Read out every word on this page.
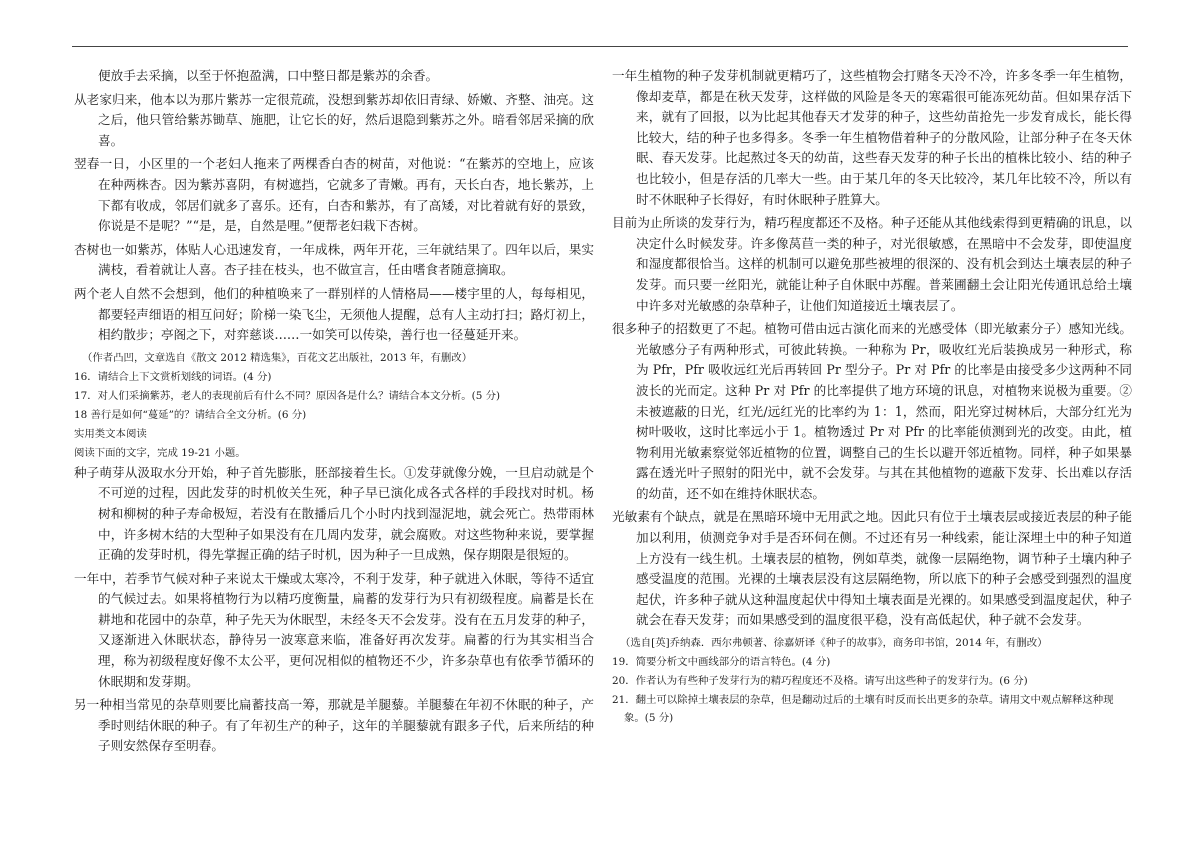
便放手去采摘，以至于怀抱盈满，口中整日都是紫苏的余香。

从老家归来，他本以为那片紫苏一定很荒疏，没想到紫苏却依旧青绿、娇嫩、齐整、油亮。这之后，他只管给紫苏锄草、施肥，让它长的好，然后退隐到紫苏之外。暗看邻居采摘的欣喜。

翌春一日，小区里的一个老妇人拖来了两棵香白杏的树苗，对他说：“在紫苏的空地上，应该在种两株杏。因为紫苏喜阴，有树遮挡，它就多了青嫩。再有，天长白杏，地长紫苏，上下都有收成，邻居们就多了喜乐。还有，白杏和紫苏，有了高矮，对比着就有好的景致，你说是不是呢？”“是，是，自然是哩。”便帮老妇栽下杏树。

杏树也一如紫苏，体贴人心迅速发育，一年成株，两年开花，三年就结果了。四年以后，果实满枝，看着就让人喜。杏子挂在枝头，也不做宣言，任由嗜食者随意摘取。

两个老人自然不会想到，他们的种植唤来了一群别样的人情格局——楼宇里的人，每每相见，都要轻声细语的相互问好；阶梯一染飞尘，无须他人提醒，总有人主动打扫；路灯初上，相约散步；亭阁之下，对弈慈谈……一如笑可以传染，善行也一径蔓延开来。

（作者凸凹，文章选自《散文 2012 精选集》，百花文艺出版社，2013 年，有删改）

16．请结合上下文赏析划线的词语。(4 分)

17．对人们采摘紫苏，老人的表现前后有什么不同？原因各是什么？请结合本文分析。(5 分)

18 善行是如何“蔓延”的？请结合全文分析。(6 分)

实用类文本阅读

阅读下面的文字，完成 19-21 小题。

种子萌芽从汲取水分开始，种子首先膨胀，胚部接着生长。①发芽就像分娩，一旦启动就是个不可逆的过程，因此发芽的时机攸关生死，种子早已演化成各式各样的手段找对时机。杨树和柳树的种子寿命极短，若没有在散播后几个小时内找到湿泥地，就会死亡。热带雨林中，许多树木结的大型种子如果没有在几周内发芽，就会腐败。对这些物种来说，要掌握正确的发芽时机，得先掌握正确的结子时机，因为种子一旦成熟，保存期限是很短的。

一年中，若季节气候对种子来说太干燥或太寒冷，不利于发芽，种子就进入休眠，等待不适宜的气候过去。如果将植物行为以精巧度衡量，扁蓄的发芽行为只有初级程度。扁蓄是长在耕地和花园中的杂草，种子先天为休眠型，未经冬天不会发芽。没有在五月发芽的种子，又逐渐进入休眠状态，静待另一波寒意来临，准备好再次发芽。扁蓄的行为其实相当合理，称为初级程度好像不太公平，更何况相似的植物还不少，许多杂草也有依季节循环的休眠期和发芽期。

另一种相当常见的杂草则要比扁蓄技高一筹，那就是羊腿藜。羊腿藜在年初不休眠的种子，产季时则结休眠的种子。有了年初生产的种子，这年的羊腿藜就有跟多子代，后来所结的种子则安然保存至明春。

一年生植物的种子发芽机制就更精巧了，这些植物会打赌冬天冷不冷，许多冬季一年生植物，像却麦草，都是在秋天发芽，这样做的风险是冬天的寒霜很可能冻死幼苗。但如果存活下来，就有了回报，以为比起其他春天才发芽的种子，这些幼苗抢先一步发育成长，能长得比较大，结的种子也多得多。冬季一年生植物借着种子的分散风险，让部分种子在冬天休眠、春天发芽。比起熬过冬天的幼苗，这些春天发芽的种子长出的植株比较小、结的种子也比较小，但是存活的几率大一些。由于某几年的冬天比较冷，某几年比较不冷，所以有时不休眠种子长得好，有时休眠种子胜算大。

目前为止所谈的发芽行为，精巧程度都还不及格。种子还能从其他线索得到更精确的讯息，以决定什么时候发芽。许多像莴苣一类的种子，对光很敏感，在黑暗中不会发芽，即使温度和湿度都很恰当。这样的机制可以避免那些被埋的很深的、没有机会到达土壤表层的种子发芽。而只要一丝阳光，就能让种子自休眠中苏醒。普莱圃翻土会让阳光传通讯总给土壤中许多对光敏感的杂草种子，让他们知道接近土壤表层了。

很多种子的招数更了不起。植物可借由远古演化而来的光感受体（即光敏素分子）感知光线。光敏感分子有两种形式，可彼此转换。一种称为 Pr，吸收红光后装换成另一种形式，称为 Pfr，Pfr 吸收远红光后再转回 Pr 型分子。Pr 对 Pfr 的比率是由接受多少这两种不同波长的光而定。这种 Pr 对 Pfr 的比率提供了地方环境的讯息，对植物来说极为重要。②未被遮蔽的日光，红光/远红光的比率约为 1：1，然而，阳光穿过树林后，大部分红光为树叶吸收，这时比率远小于 1。植物透过 Pr 对 Pfr 的比率能侦测到光的改变。由此，植物利用光敏素察觉邻近植物的位置，调整自己的生长以避开邻近植物。同样，种子如果暴露在透光叶子照射的阳光中，就不会发芽。与其在其他植物的遮蔽下发芽、长出难以存活的幼苗，还不如在维持休眠状态。

光敏素有个缺点，就是在黑暗环境中无用武之地。因此只有位于土壤表层或接近表层的种子能加以利用，侦测竞争对手是否环伺在侧。不过还有另一种线索，能让深埋土中的种子知道上方没有一线生机。土壤表层的植物，例如草类，就像一层隔绝物，调节种子土壤内种子感受温度的范围。光裸的土壤表层没有这层隔绝物，所以底下的种子会感受到强烈的温度起伏，许多种子就从这种温度起伏中得知土壤表面是光裸的。如果感受到温度起伏，种子就会在春天发芽；而如果感受到的温度很平稳，没有高低起伏，种子就不会发芽。

（选自[英]乔纳森．西尔弗顿著、徐嘉妍译《种子的故事》，商务印书馆，2014 年，有删改）

19．简要分析文中画线部分的语言特色。(4 分)

20．作者认为有些种子发芽行为的精巧程度还不及格。请写出这些种子的发芽行为。(6 分)

21．翻土可以除掉土壤表层的杂草，但是翻动过后的土壤有时反而长出更多的杂草。请用文中观点解释这种现象。(5 分)
